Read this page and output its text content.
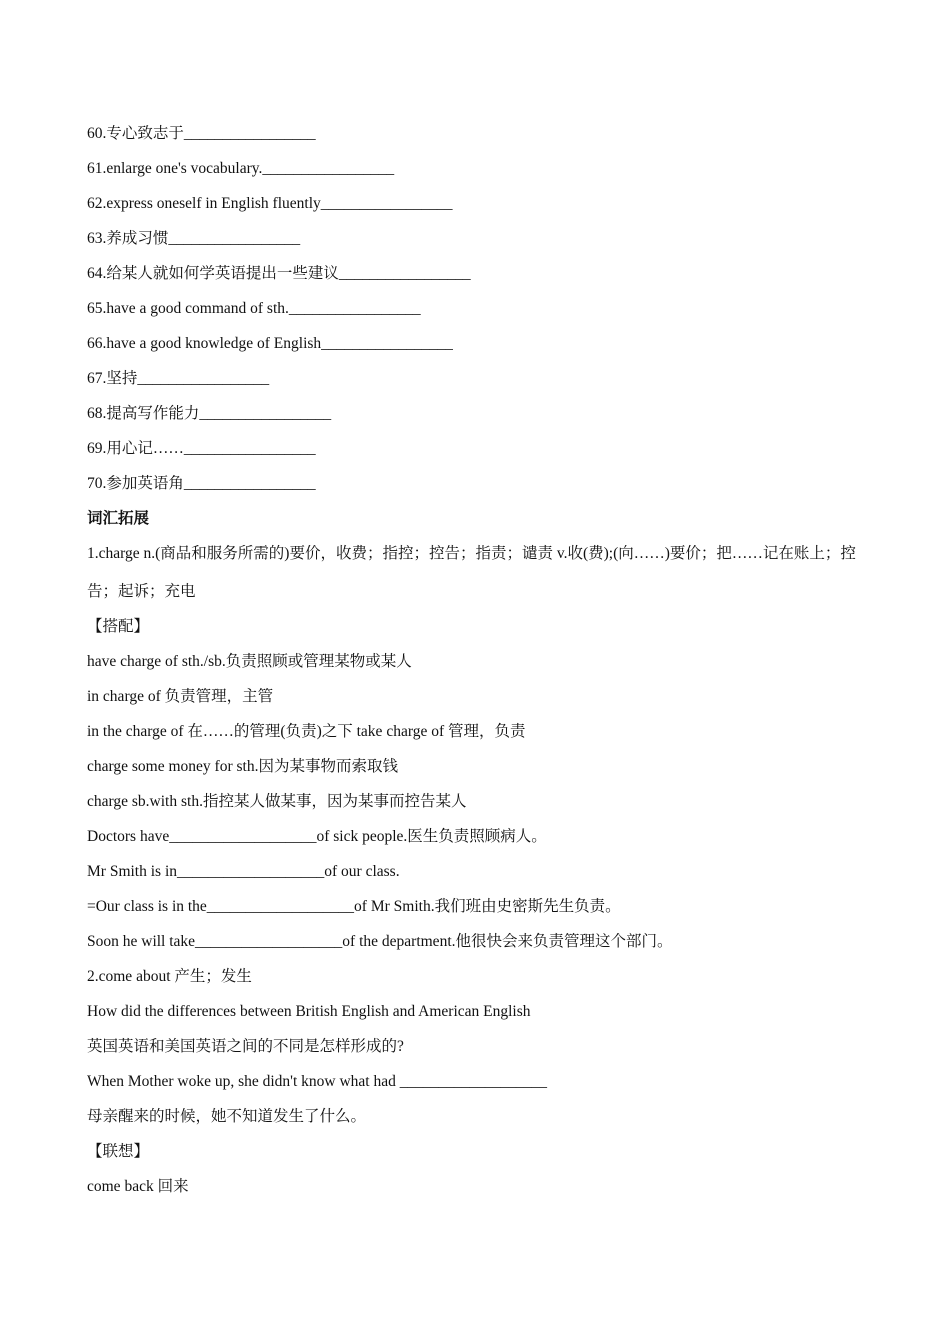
60.专心致志于_________________
61.enlarge one's vocabulary._________________
62.express oneself in English fluently_________________
63.养成习惯_________________
64.给某人就如何学英语提出一些建议_________________
65.have a good command of sth._________________
66.have a good knowledge of English_________________
67.坚持_________________
68.提高写作能力_________________
69.用心记……_________________
70.参加英语角_________________
词汇拓展
1.charge n.(商品和服务所需的)要价，收费；指控；控告；指责；谴责 v.收(费);(向……)要价；把……记在账上；控告；起诉；充电
【搭配】
have charge of sth./sb.负责照顾或管理某物或某人
in charge of 负责管理，主管
in the charge of 在……的管理(负责)之下 take charge of 管理，负责
charge some money for sth.因为某事物而索取钱
charge sb.with sth.指控某人做某事，因为某事而控告某人
Doctors have___________________of sick people.医生负责照顾病人。
Mr Smith is in___________________of our class.
=Our class is in the___________________of Mr Smith.我们班由史密斯先生负责。
Soon he will take___________________of the department.他很快会来负责管理这个部门。
2.come about 产生；发生
How did the differences between British English and American English
英国英语和美国英语之间的不同是怎样形成的?
When Mother woke up, she didn't know what had ___________________
母亲醒来的时候，她不知道发生了什么。
【联想】
come back 回来
